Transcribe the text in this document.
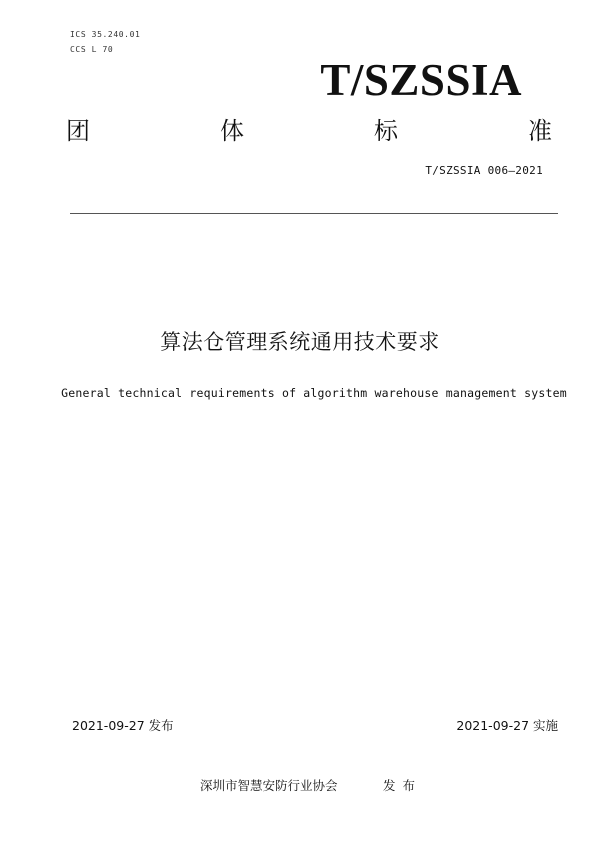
ICS 35.240.01
CCS L 70
T/SZSSIA
团	体	标	准
T/SZSSIA 006—2021
算法仓管理系统通用技术要求
General technical requirements of algorithm warehouse management system
2021-09-27 发布	2021-09-27 实施
深圳市智慧安防行业协会	发布
